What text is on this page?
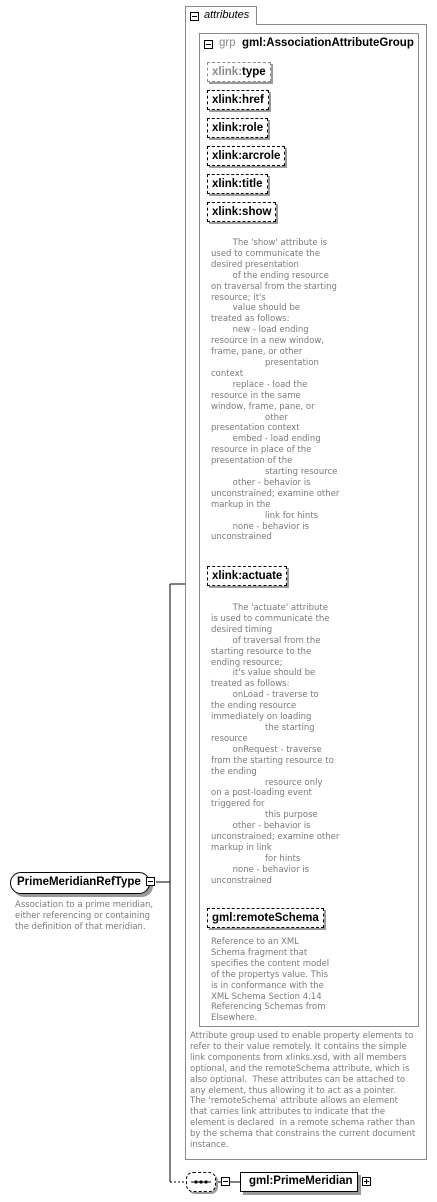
attributes
grp gml:AssociationAttributeGroup
xlink:type
xlink:href
xlink:role
xlink:arcrole
xlink:title
xlink:show
The 'show' attribute is
used to communicate the
desired presentation
of the ending resource
on traversal from the starting
resource; it's
value should be
treated as follows:
new - load ending
resource in a new window,
frame, pane, or other
presentation
context
replace - load the
resource in the same
window, frame, pane, or
other
presentation context
embed - load ending
resource in place of the
presentation of the
starting resource
other - behavior is
unconstrained; examine other
markup in the
link for hints
none - behavior is
unconstrained
xlink:actuate
The 'actuate' attribute
is used to communicate the
desired timing
of traversal from the
starting resource to the
ending resource;
it's value should be
treated as follows:
onLoad - traverse to
the ending resource
immediately on loading
the starting
resource
onRequest - traverse
from the starting resource to
the ending
resource only
on a post-loading event
triggered for
this purpose
other - behavior is
unconstrained; examine other
markup in link
for hints
none - behavior is
unconstrained
gml:remoteSchema
Reference to an XML
Schema fragment that
specifies the content model
of the propertys value. This
is in conformance with the
XML Schema Section 4.14
Referencing Schemas from
Elsewhere.
Attribute group used to enable property elements to
refer to their value remotely. It contains the simple
link components from xlinks.xsd, with all members
optional, and the remoteSchema attribute, which is
also optional.  These attributes can be attached to
any element, thus allowing it to act as a pointer.
The 'remoteSchema' attribute allows an element
that carries link attributes to indicate that the
element is declared  in a remote schema rather than
by the schema that constrains the current document
instance.
PrimeMeridianRefType
Association to a prime meridian,
either referencing or containing
the definition of that meridian.
gml:PrimeMeridian
